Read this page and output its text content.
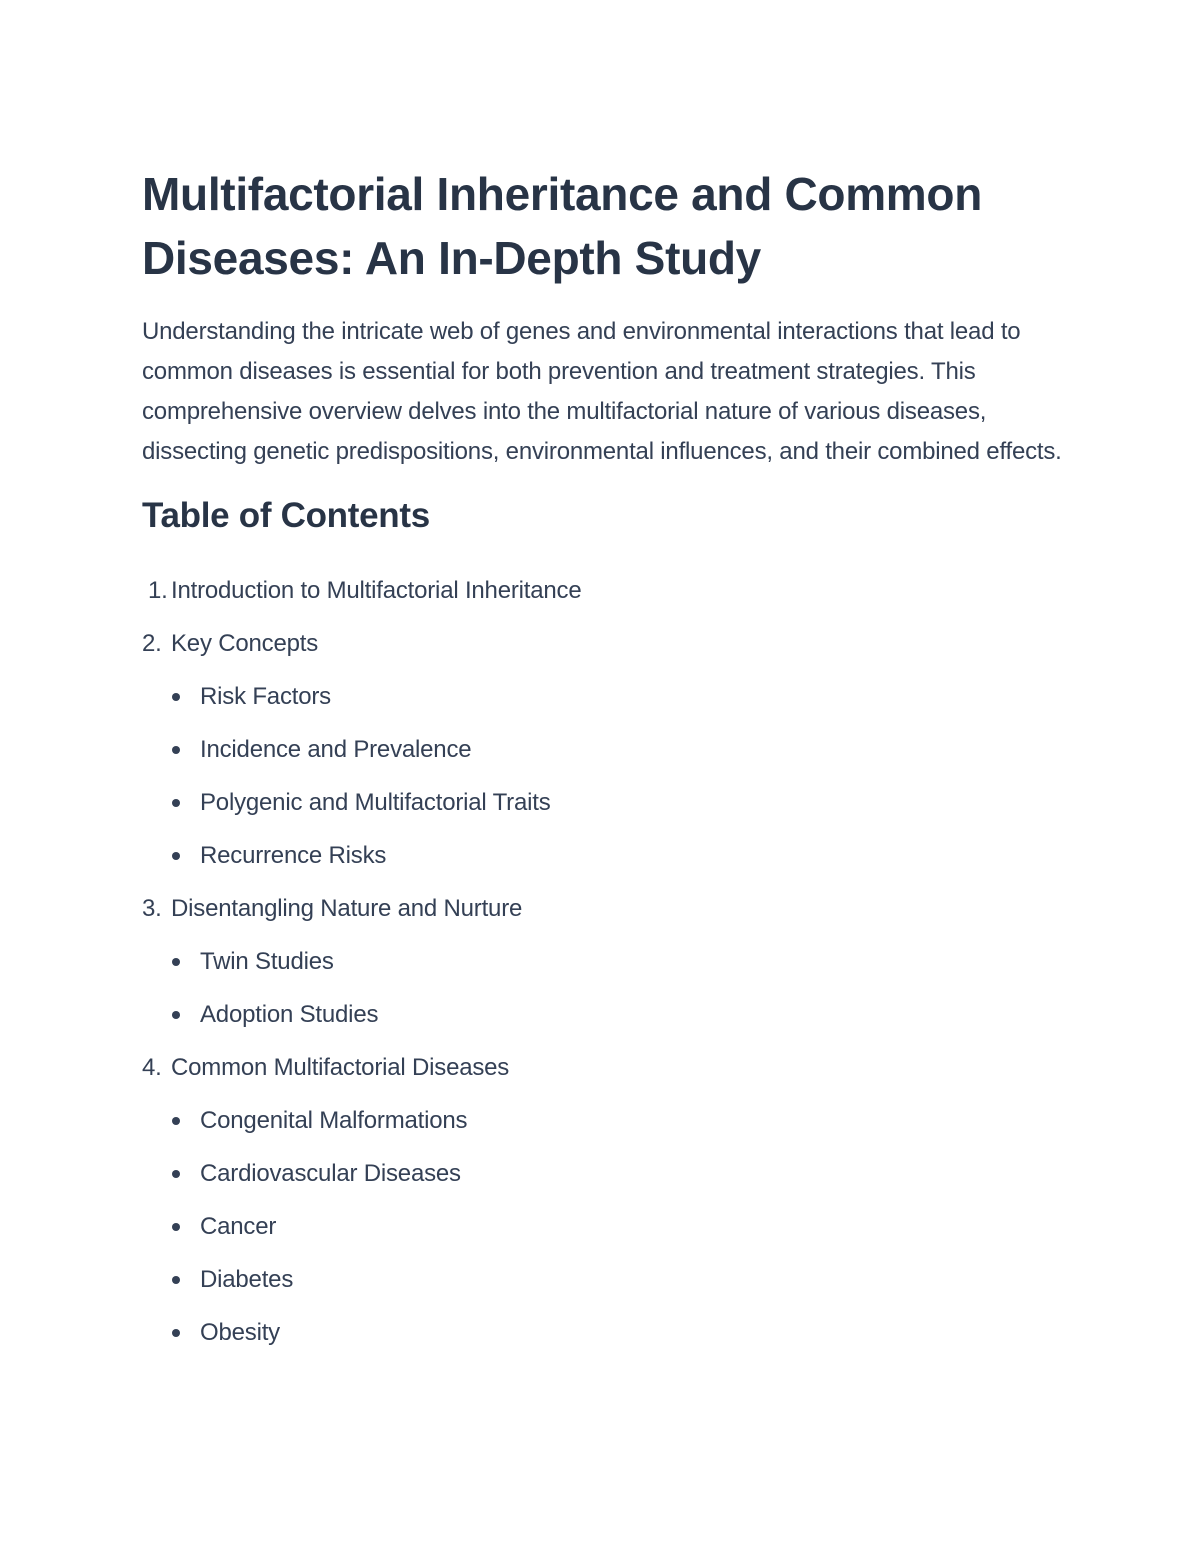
Multifactorial Inheritance and Common
Diseases: An In-Depth Study

Understanding the intricate web of genes and environmental interactions that lead to common diseases is essential for both prevention and treatment strategies. This comprehensive overview delves into the multifactorial nature of various diseases, dissecting genetic predispositions, environmental influences, and their combined effects.

Table of Contents
1. Introduction to Multifactorial Inheritance
2. Key Concepts
Risk Factors
Incidence and Prevalence
Polygenic and Multifactorial Traits
Recurrence Risks
3. Disentangling Nature and Nurture
Twin Studies
Adoption Studies
4. Common Multifactorial Diseases
Congenital Malformations
Cardiovascular Diseases
Cancer
Diabetes
Obesity
